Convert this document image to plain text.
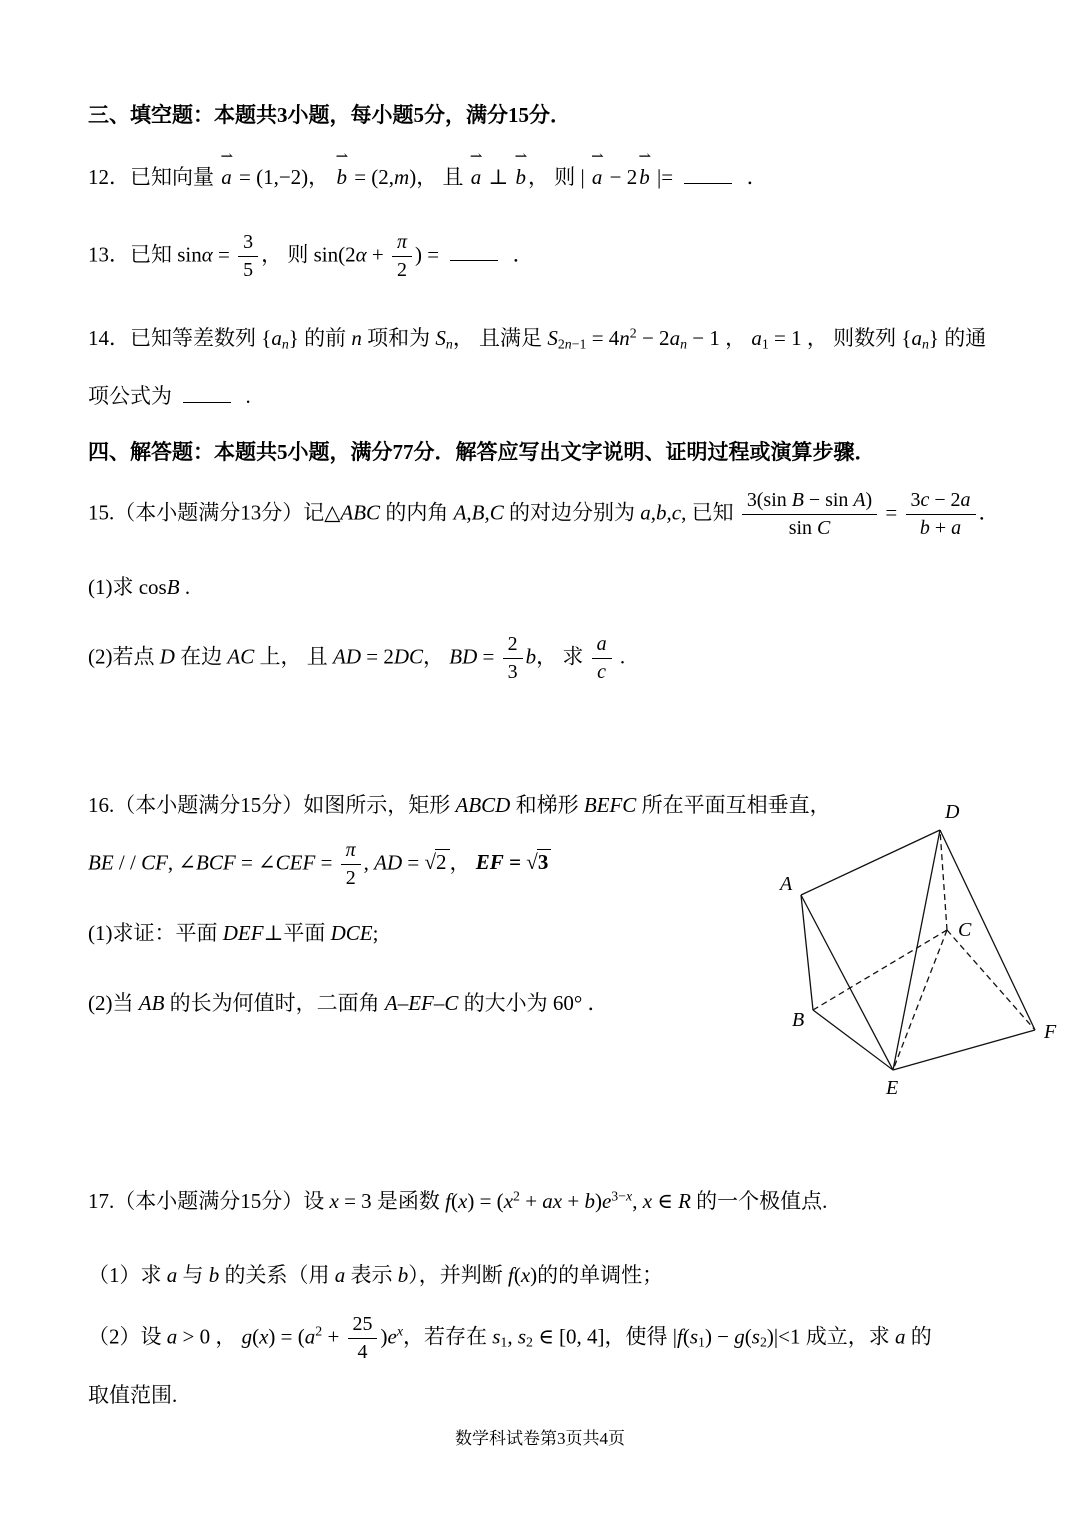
三、填空题：本题共3小题，每小题5分，满分15分．

12．已知向量
⇀
a = (1,−2)，
⇀
b = (2,m)， 且
⇀
a ⊥
⇀
b， 则 |
⇀
a − 2
⇀
b |=	．

13．已知 $\sin\alpha = \frac{3}{5}$ ， 则 $\sin(2\alpha + \frac{\pi}{2}$ ) =	．

14．已知等差数列 $\{a_n\}$ 的前 n 项和为 $S_n$， 且满足 $S_{2n-1} = 4n^2 - 2a_n - 1$ ， $a_1 = 1$ ， 则数列 $\{a_n\}$ 的通

项公式为	.

四、解答题：本题共5小题，满分77分．解答应写出文字说明、证明过程或演算步骤．

15.（本小题满分13分）记△ABC 的内角 A,B,C 的对边分别为 a,b,c, 已知 $\frac{\text{3(sin B − sin A)}}{\text{sin C}} = \frac{3c - 2a}{b + a}$ ．

(1)求 cosB .

(2)若点 D 在边 AC 上， 且 AD = 2DC， BD = $\frac{2}{3}$ b， 求 $\frac{a}{c}$ .

16.（本小题满分15分）如图所示，矩形 ABCD 和梯形 BEFC 所在平面互相垂直，

BE / / CF, ∠BCF = ∠CEF = $\frac{\pi}{2}$ , AD = √2 ， EF = √3

(1)求证：平面 DEF⊥平面 DCE;

(2)当 AB 的长为何值时，二面角 A–EF–C 的大小为 60° ．

17.（本小题满分15分）设 x = 3 是函数 $f(x) = (x^2$ + ax + $b)e^{3-x}$, x ∈ R 的一个极值点.

（1）求 a 与 b 的关系（用 a 表示 b），并判断 f(x)的的单调性；

（2）设 a > 0 ， $g(x) = (a^2 + \frac{25}{4} )e^x$，若存在 $s_1$, $s_2$ ∈ [0, 4]，使得 $|f(s_1) - g(s_2)|<1$ 成立，求 a 的

取值范围.

D
A
C
B
F
E

数学科试卷第3页共4页
